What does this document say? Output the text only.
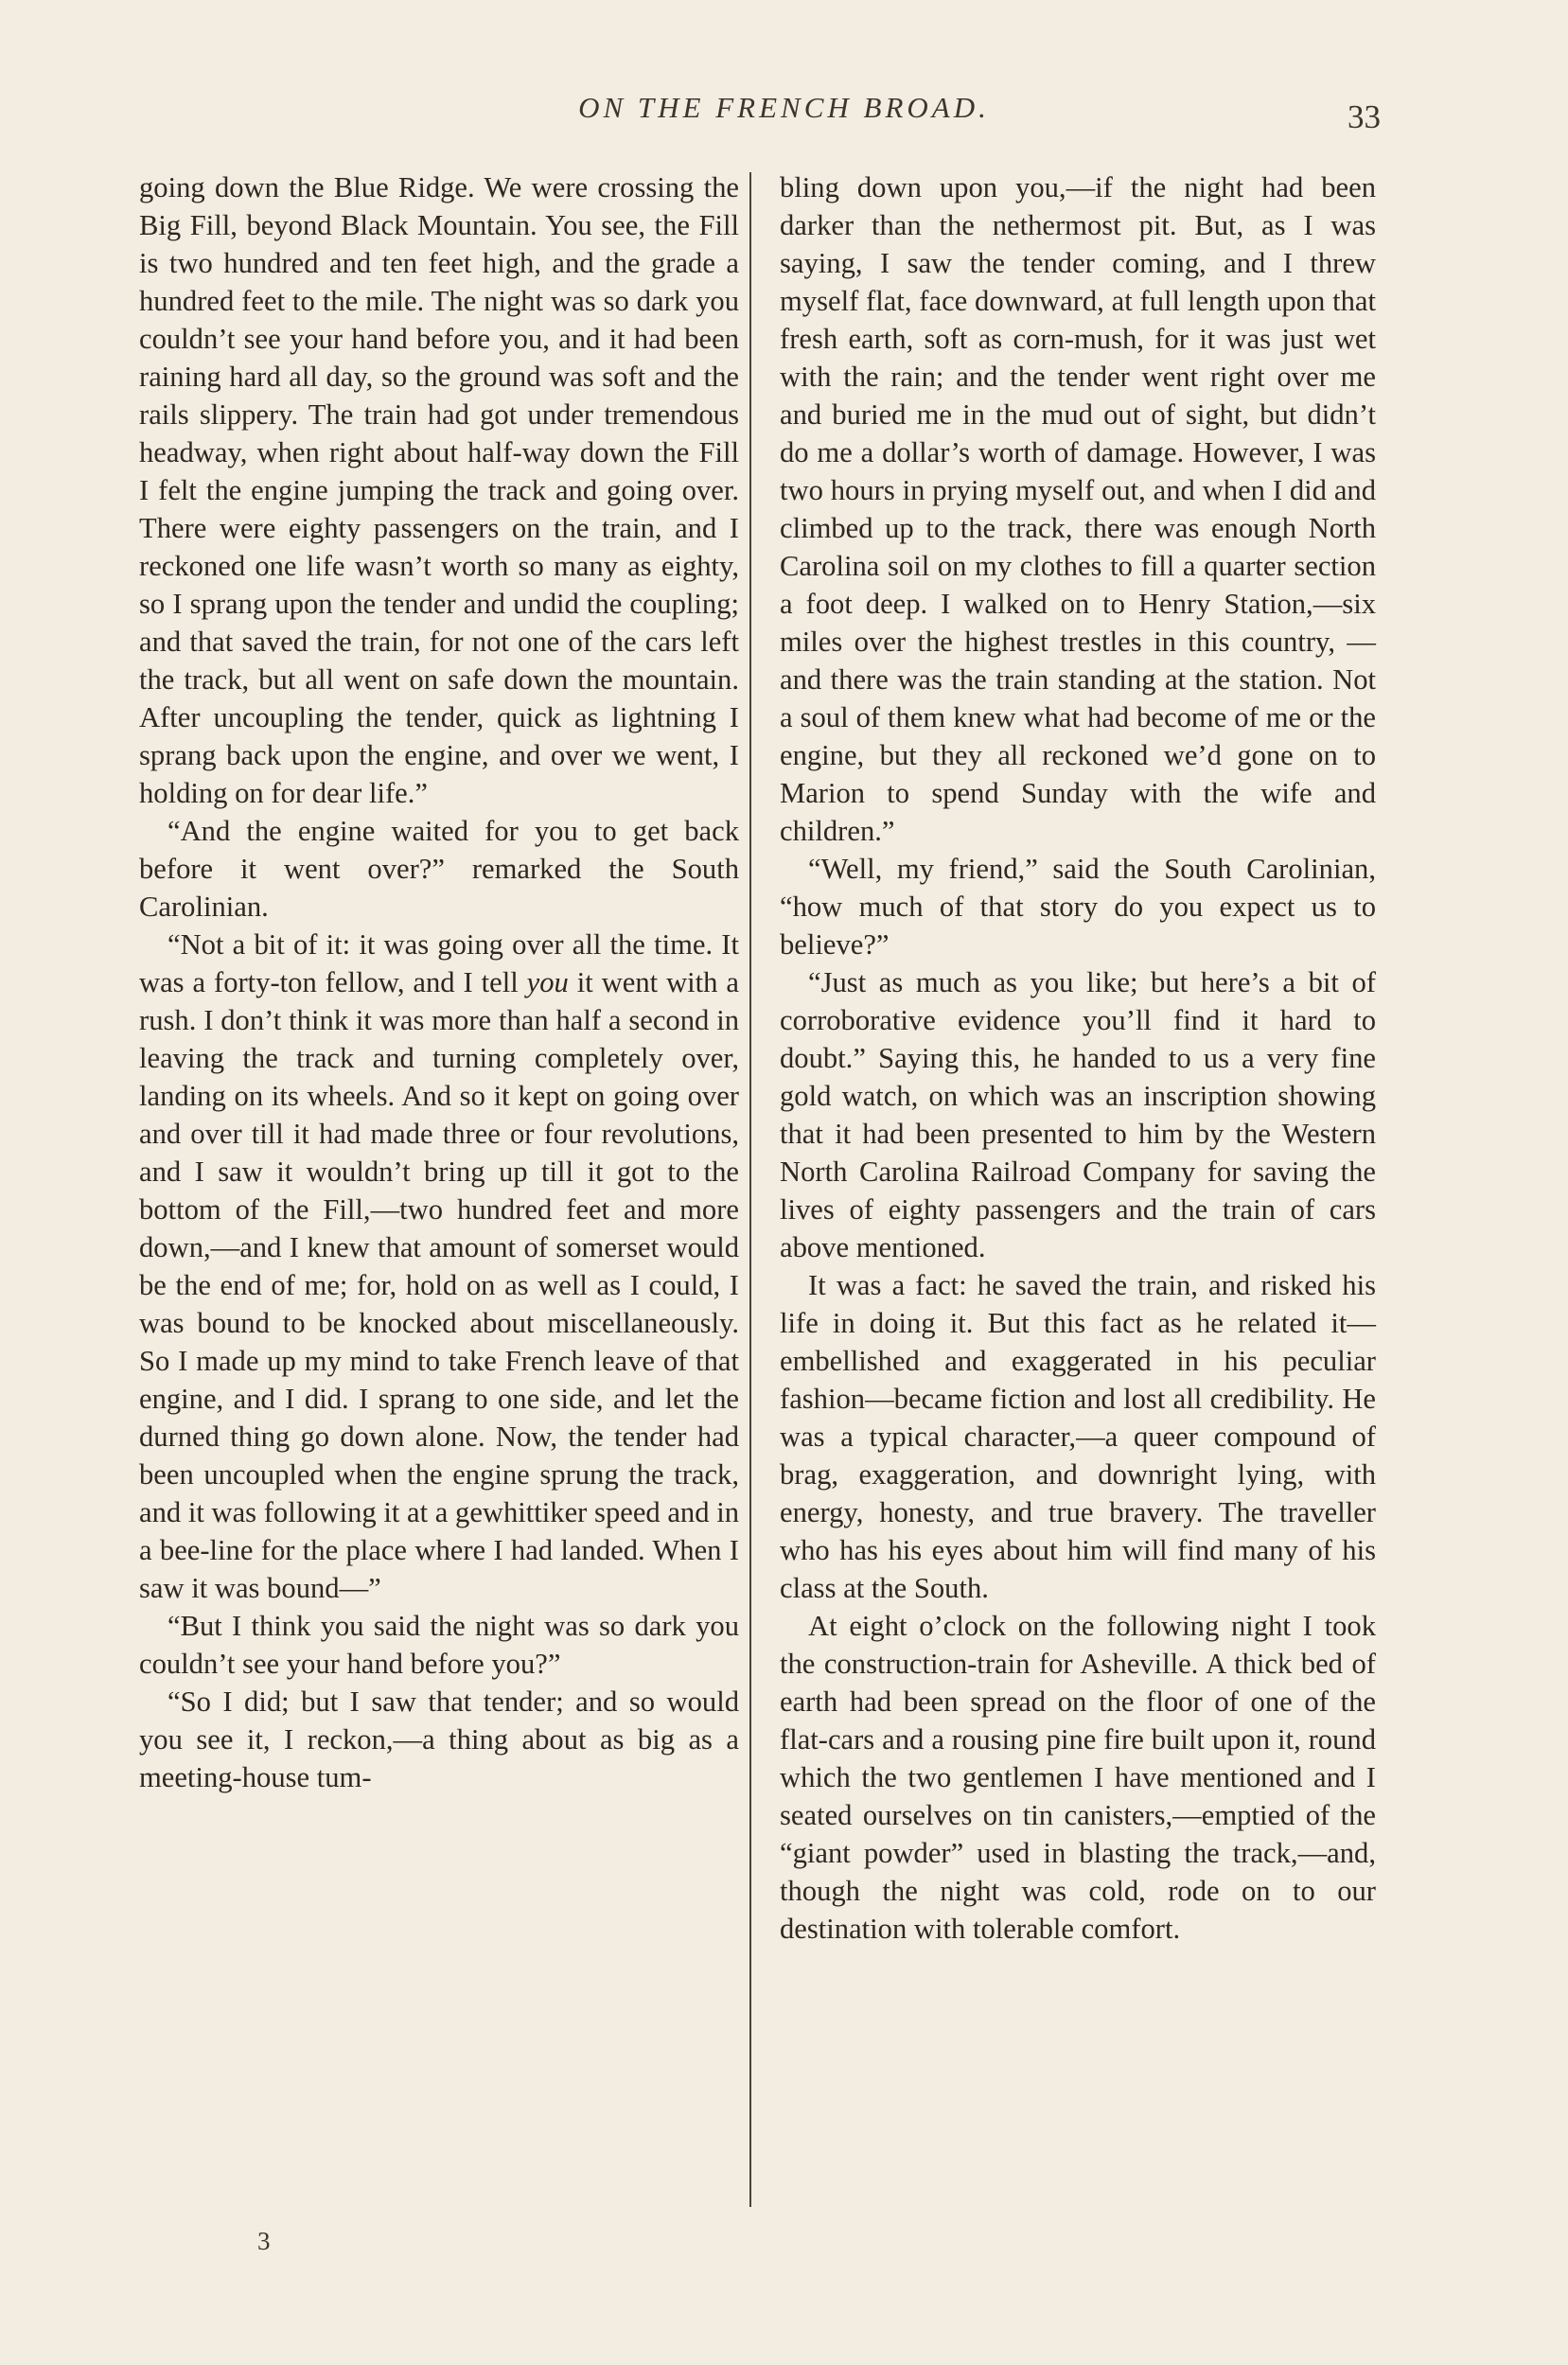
ON THE FRENCH BROAD.	33

going down the Blue Ridge. We were crossing the Big Fill, beyond Black Mountain. You see, the Fill is two hundred and ten feet high, and the grade a hundred feet to the mile. The night was so dark you couldn’t see your hand before you, and it had been raining hard all day, so the ground was soft and the rails slippery. The train had got under tremendous headway, when right about half-way down the Fill I felt the engine jumping the track and going over. There were eighty passengers on the train, and I reckoned one life wasn’t worth so many as eighty, so I sprang upon the tender and undid the coupling; and that saved the train, for not one of the cars left the track, but all went on safe down the mountain. After uncoupling the tender, quick as lightning I sprang back upon the engine, and over we went, I holding on for dear life.”

“And the engine waited for you to get back before it went over?” remarked the South Carolinian.

“Not a bit of it: it was going over all the time. It was a forty-ton fellow, and I tell you it went with a rush. I don’t think it was more than half a second in leaving the track and turning completely over, landing on its wheels. And so it kept on going over and over till it had made three or four revolutions, and I saw it wouldn’t bring up till it got to the bottom of the Fill,—two hundred feet and more down,—and I knew that amount of somerset would be the end of me; for, hold on as well as I could, I was bound to be knocked about miscellaneously. So I made up my mind to take French leave of that engine, and I did. I sprang to one side, and let the durned thing go down alone. Now, the tender had been uncoupled when the engine sprung the track, and it was following it at a gewhittiker speed and in a bee-line for the place where I had landed. When I saw it was bound—”

“But I think you said the night was so dark you couldn’t see your hand before you?”

“So I did; but I saw that tender; and so would you see it, I reckon,—a thing about as big as a meeting-house tum-

bling down upon you,—if the night had been darker than the nethermost pit. But, as I was saying, I saw the tender coming, and I threw myself flat, face downward, at full length upon that fresh earth, soft as corn-mush, for it was just wet with the rain; and the tender went right over me and buried me in the mud out of sight, but didn’t do me a dollar’s worth of damage. However, I was two hours in prying myself out, and when I did and climbed up to the track, there was enough North Carolina soil on my clothes to fill a quarter section a foot deep. I walked on to Henry Station,—six miles over the highest trestles in this country, —and there was the train standing at the station. Not a soul of them knew what had become of me or the engine, but they all reckoned we’d gone on to Marion to spend Sunday with the wife and children.”

“Well, my friend,” said the South Carolinian, “how much of that story do you expect us to believe?”

“Just as much as you like; but here’s a bit of corroborative evidence you’ll find it hard to doubt.” Saying this, he handed to us a very fine gold watch, on which was an inscription showing that it had been presented to him by the Western North Carolina Railroad Company for saving the lives of eighty passengers and the train of cars above mentioned.

It was a fact: he saved the train, and risked his life in doing it. But this fact as he related it—embellished and exaggerated in his peculiar fashion—became fiction and lost all credibility. He was a typical character,—a queer compound of brag, exaggeration, and downright lying, with energy, honesty, and true bravery. The traveller who has his eyes about him will find many of his class at the South.

At eight o’clock on the following night I took the construction-train for Asheville. A thick bed of earth had been spread on the floor of one of the flat-cars and a rousing pine fire built upon it, round which the two gentlemen I have mentioned and I seated ourselves on tin canisters,—emptied of the “giant powder” used in blasting the track,—and, though the night was cold, rode on to our destination with tolerable comfort.

3
